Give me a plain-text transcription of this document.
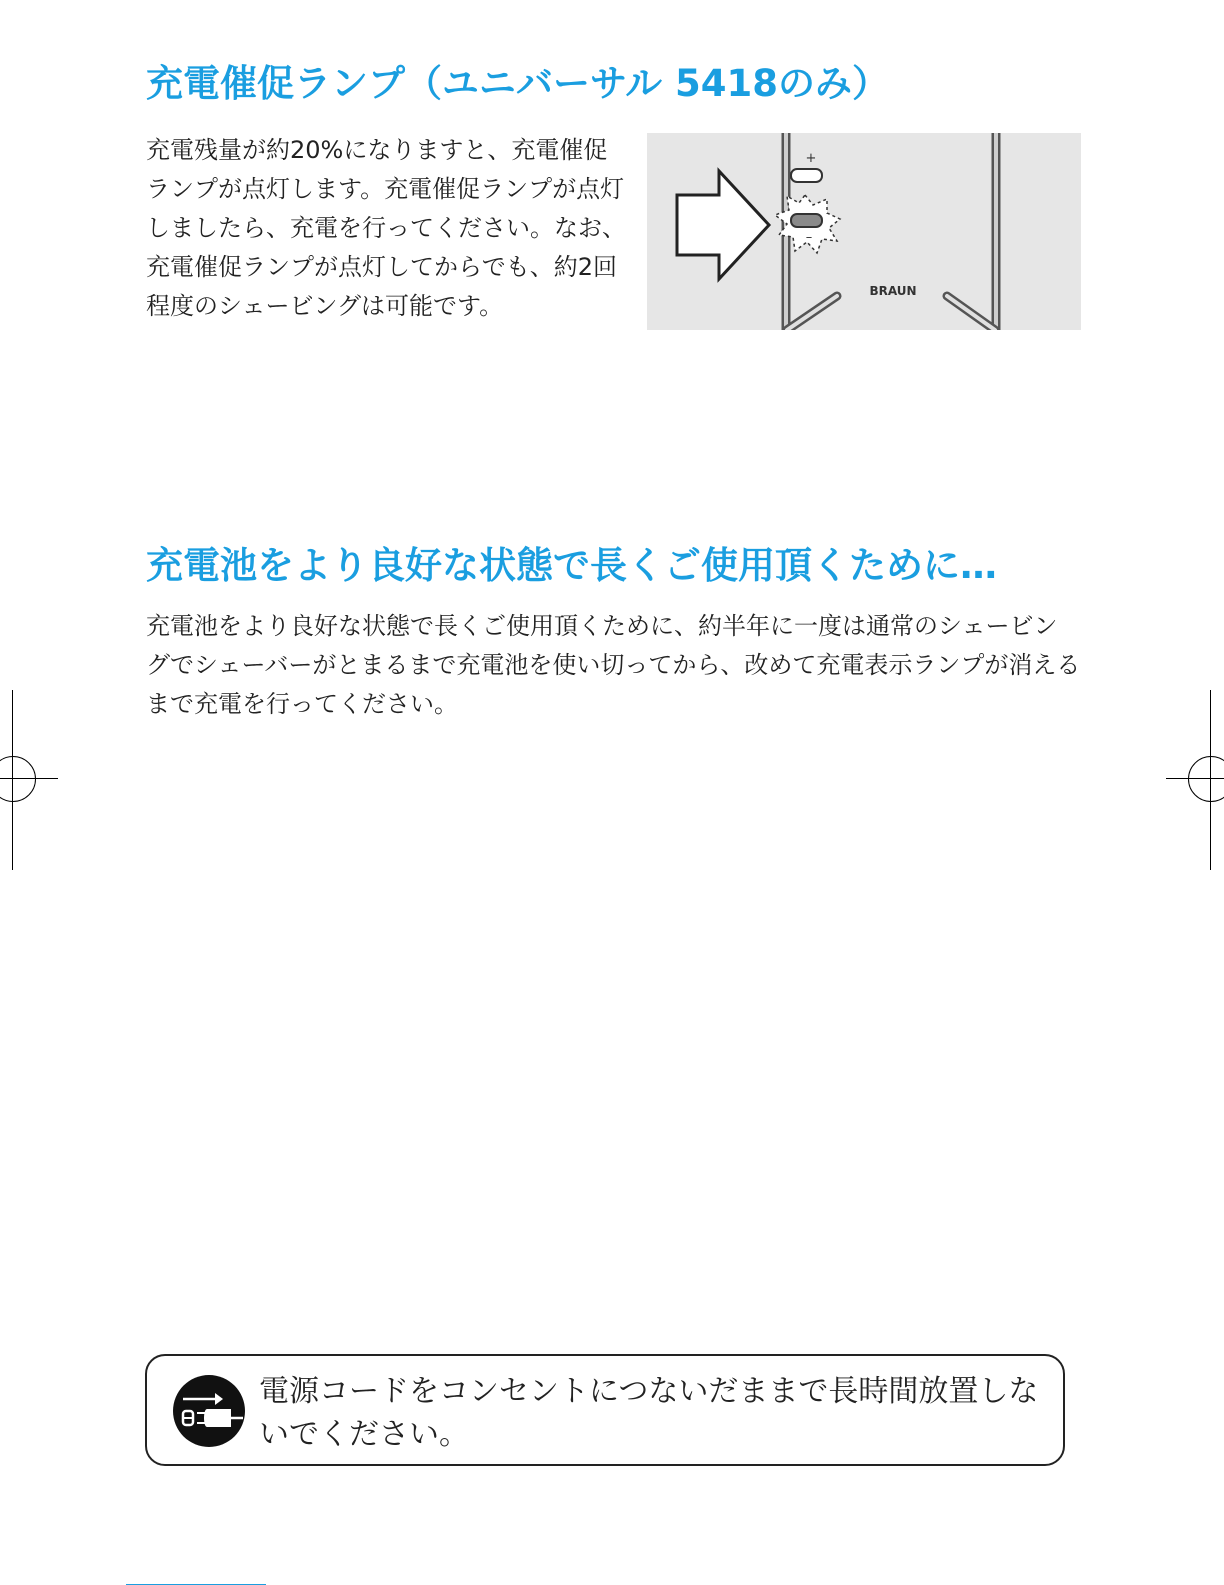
充電催促ランプ（ユニバーサル 5418のみ）

充電残量が約20%になりますと、充電催促ランプが点灯します。充電催促ランプが点灯しましたら、充電を行ってください。なお、充電催促ランプが点灯してからでも、約2回程度のシェービングは可能です。

+
–
BRAUN
充電池をより良好な状態で長くご使用頂くために…

充電池をより良好な状態で長くご使用頂くために、約半年に一度は通常のシェービングでシェーバーがとまるまで充電池を使い切ってから、改めて充電表示ランプが消えるまで充電を行ってください。

電源コードをコンセントにつないだままで長時間放置しないでください。
